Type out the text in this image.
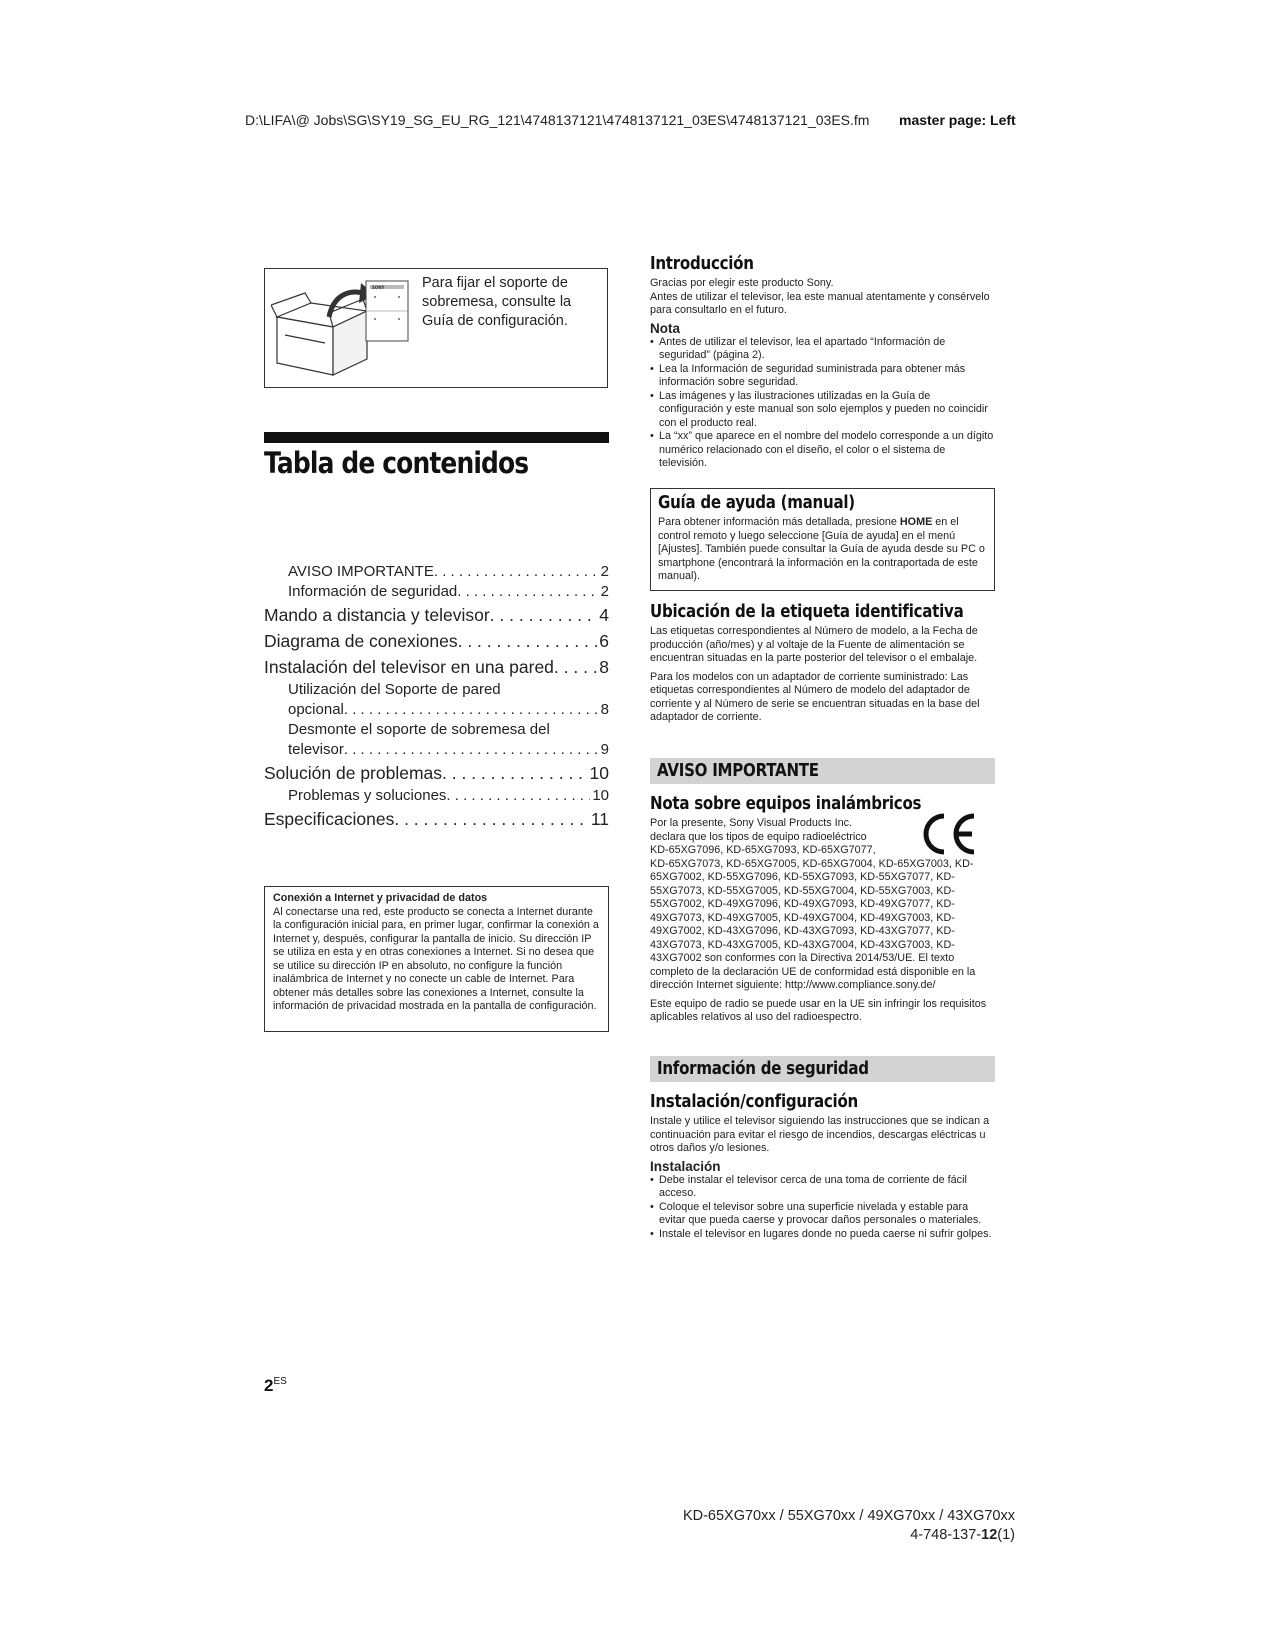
D:\LIFA\@ Jobs\SG\SY19_SG_EU_RG_121\4748137121\4748137121_03ES\4748137121_03ES.fm master page: Left
SONY	Para fijar el soporte de sobremesa, consulte la Guía de configuración.
Tabla de contenidos
AVISO IMPORTANTE . . .	2
Información de seguridad . . .	2
Mando a distancia y televisor . . .	4
Diagrama de conexiones . . .	6
Instalación del televisor en una pared . . .	8
Utilización del Soporte de pared
opcional . . .	8
Desmonte el soporte de sobremesa del
televisor . . .	9
Solución de problemas . . .	10
Problemas y soluciones . . .	10
Especificaciones . . .	11
Conexión a Internet y privacidad de datos
Al conectarse una red, este producto se conecta a Internet durante la configuración inicial para, en primer lugar, confirmar la conexión a Internet y, después, configurar la pantalla de inicio. Su dirección IP se utiliza en esta y en otras conexiones a Internet. Si no desea que se utilice su dirección IP en absoluto, no configure la función inalámbrica de Internet y no conecte un cable de Internet. Para obtener más detalles sobre las conexiones a Internet, consulte la información de privacidad mostrada en la pantalla de configuración.
$2^{ES}$
Introducción
Gracias por elegir este producto Sony.
Antes de utilizar el televisor, lea este manual atentamente y consérvelo para consultarlo en el futuro.
Nota
• Antes de utilizar el televisor, lea el apartado “Información de seguridad” (página 2).
• Lea la Información de seguridad suministrada para obtener más información sobre seguridad.
• Las imágenes y las ilustraciones utilizadas en la Guía de configuración y este manual son solo ejemplos y pueden no coincidir con el producto real.
• La “xx” que aparece en el nombre del modelo corresponde a un dígito numérico relacionado con el diseño, el color o el sistema de televisión.
Guía de ayuda (manual)
Para obtener información más detallada, presione HOME en el control remoto y luego seleccione [Guía de ayuda] en el menú [Ajustes]. También puede consultar la Guía de ayuda desde su PC o smartphone (encontrará la información en la contraportada de este manual).
Ubicación de la etiqueta identificativa
Las etiquetas correspondientes al Número de modelo, a la Fecha de producción (año/mes) y al voltaje de la Fuente de alimentación se encuentran situadas en la parte posterior del televisor o el embalaje.
Para los modelos con un adaptador de corriente suministrado: Las etiquetas correspondientes al Número de modelo del adaptador de corriente y al Número de serie se encuentran situadas en la base del adaptador de corriente.
AVISO IMPORTANTE
Nota sobre equipos inalámbricos
Por la presente, Sony Visual Products Inc.
declara que los tipos de equipo radioeléctrico
KD-65XG7096, KD-65XG7093, KD-65XG7077,
KD-65XG7073, KD-65XG7005, KD-65XG7004, KD-65XG7003, KD-65XG7002, KD-55XG7096, KD-55XG7093, KD-55XG7077, KD-55XG7073, KD-55XG7005, KD-55XG7004, KD-55XG7003, KD-55XG7002, KD-49XG7096, KD-49XG7093, KD-49XG7077, KD-49XG7073, KD-49XG7005, KD-49XG7004, KD-49XG7003, KD-49XG7002, KD-43XG7096, KD-43XG7093, KD-43XG7077, KD-43XG7073, KD-43XG7005, KD-43XG7004, KD-43XG7003, KD-43XG7002 son conformes con la Directiva 2014/53/UE. El texto completo de la declaración UE de conformidad está disponible en la dirección Internet siguiente: http://www.compliance.sony.de/
Este equipo de radio se puede usar en la UE sin infringir los requisitos aplicables relativos al uso del radioespectro.
Información de seguridad
Instalación/configuración
Instale y utilice el televisor siguiendo las instrucciones que se indican a continuación para evitar el riesgo de incendios, descargas eléctricas u otros daños y/o lesiones.
Instalación
• Debe instalar el televisor cerca de una toma de corriente de fácil acceso.
• Coloque el televisor sobre una superficie nivelada y estable para evitar que pueda caerse y provocar daños personales o materiales.
• Instale el televisor en lugares donde no pueda caerse ni sufrir golpes.
KD-65XG70xx / 55XG70xx / 49XG70xx / 43XG70xx
4-748-137-12(1)
